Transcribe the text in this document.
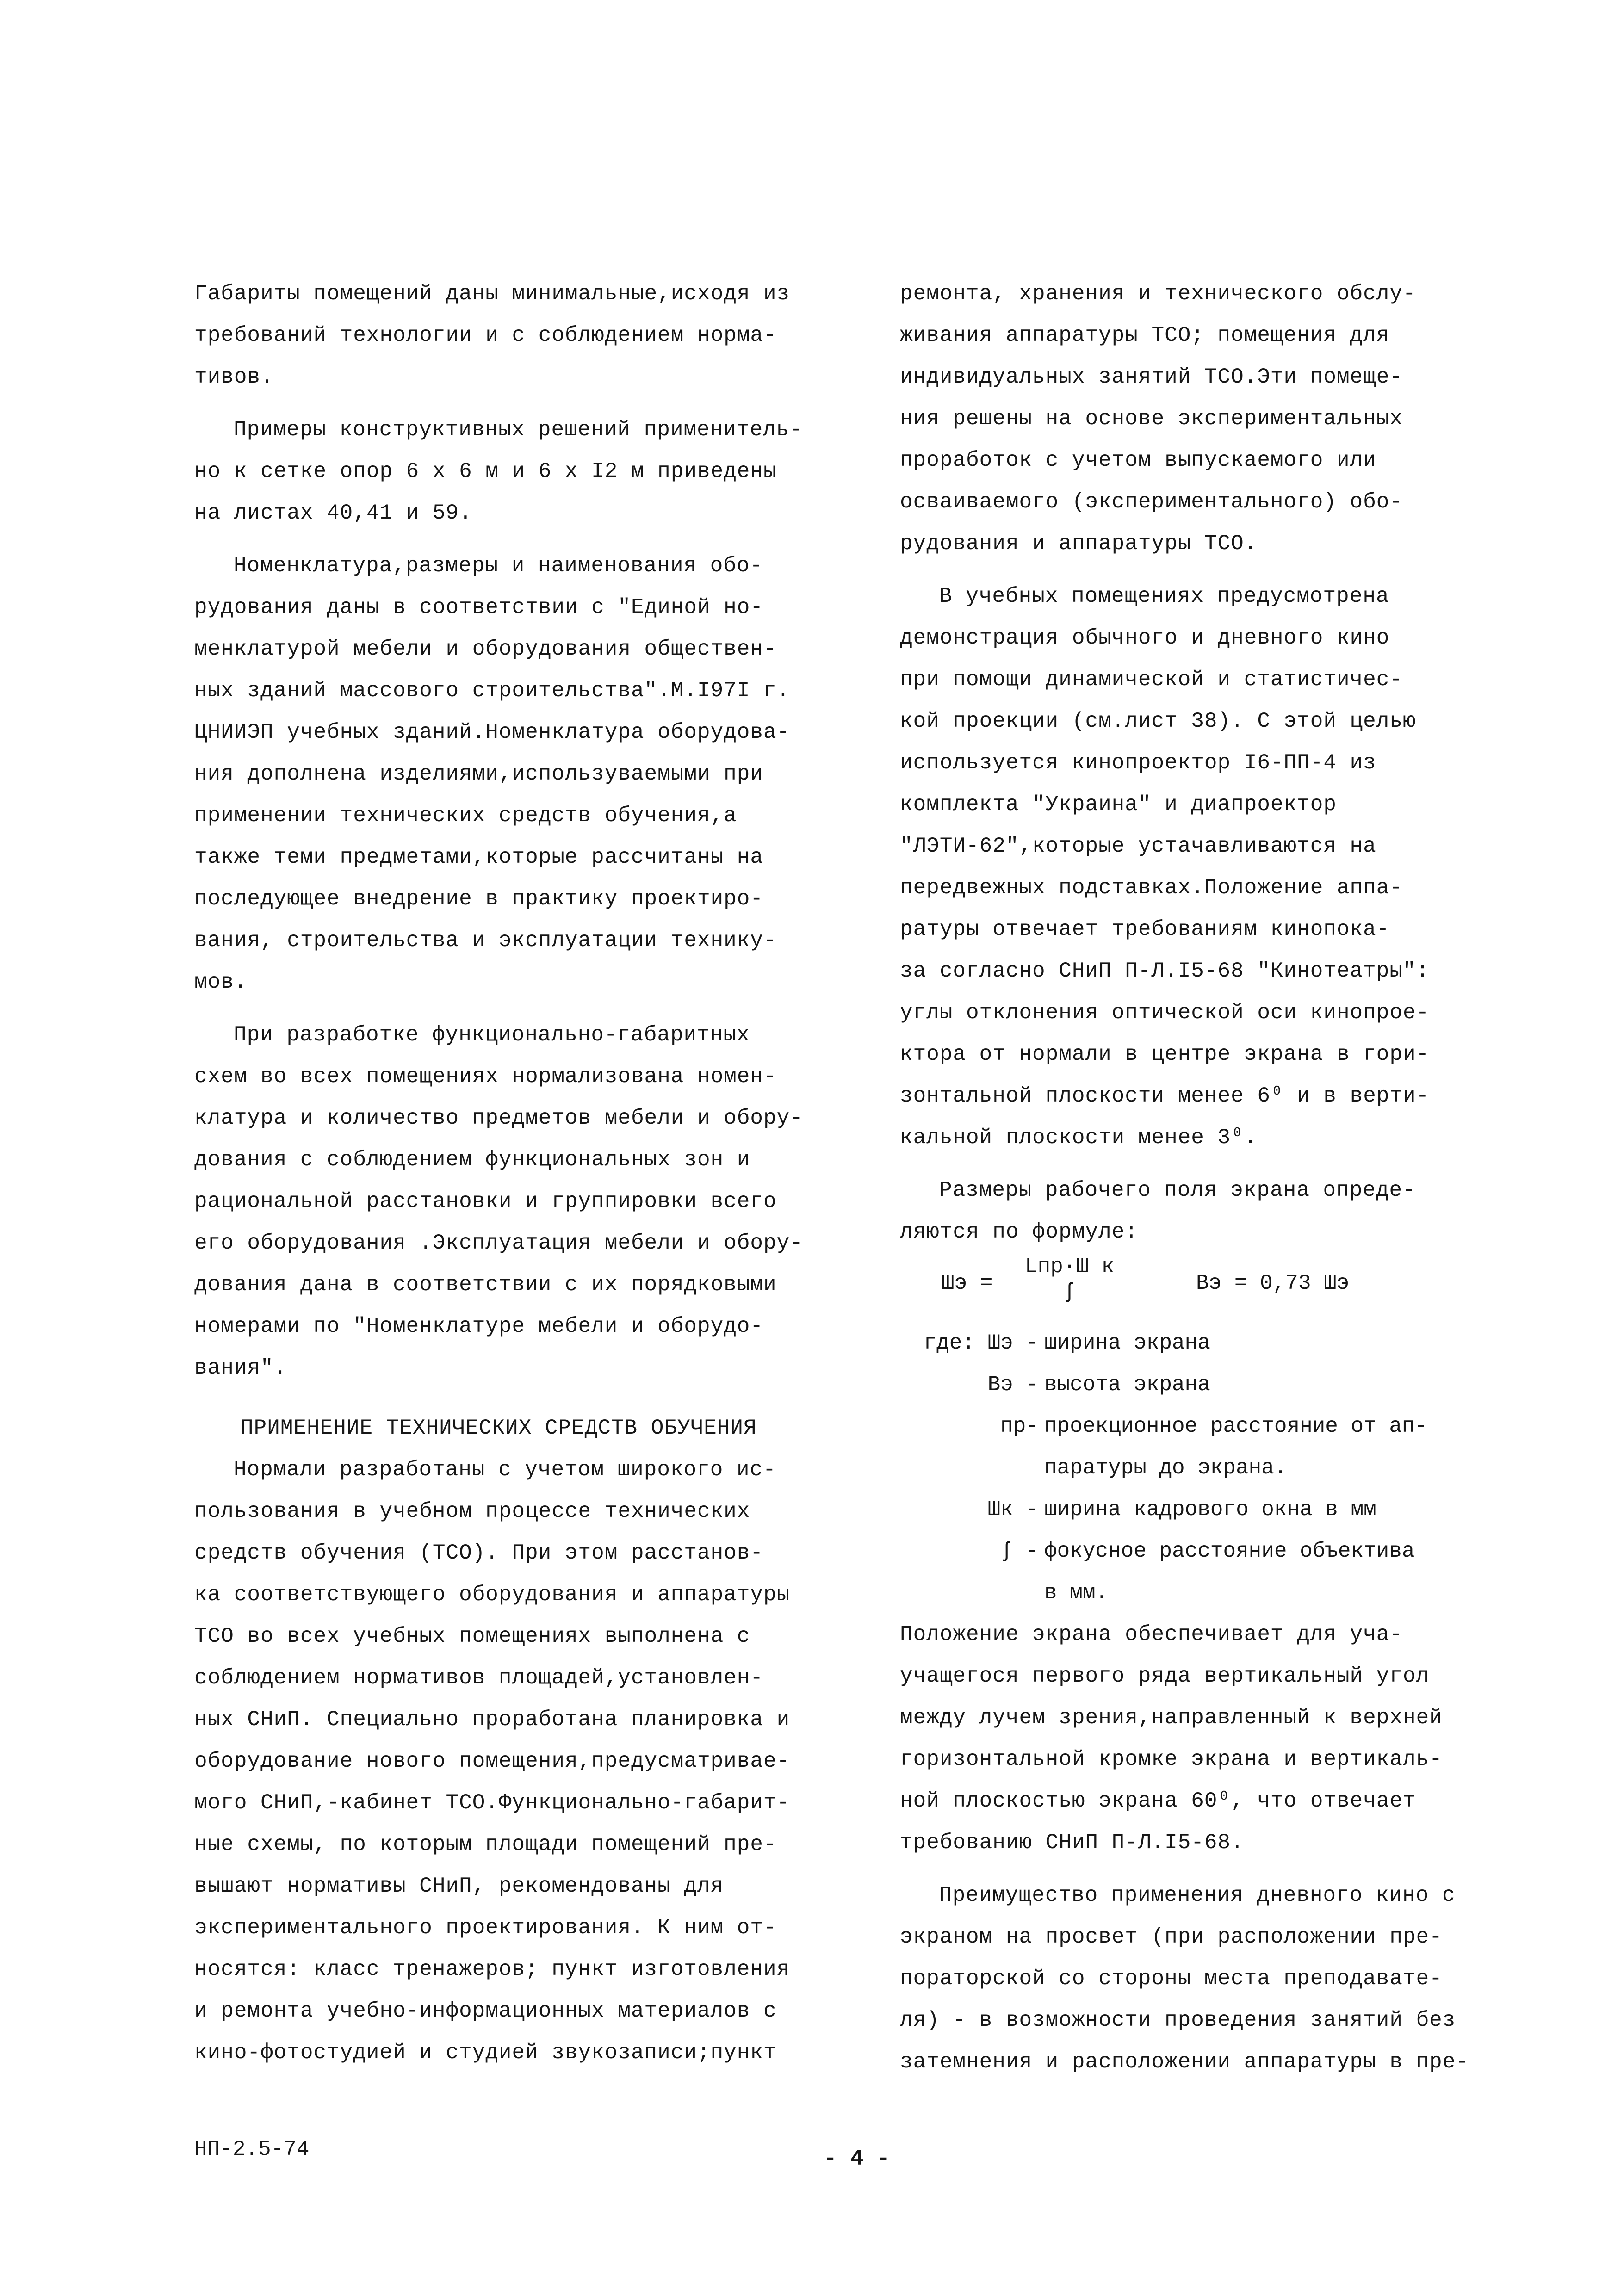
Габариты помещений даны минимальные,исходя из
требований технологии и с соблюдением норма-
тивов.

Примеры конструктивных решений применитель-
но к сетке опор 6 х 6 м и 6 х I2 м приведены
на листах 40,41 и 59.

Номенклатура,размеры и наименования обо-
рудования даны в соответствии с "Единой но-
менклатурой мебели и оборудования обществен-
ных зданий массового строительства".М.I97I г.
ЦНИИЭП учебных зданий.Номенклатура оборудова-
ния дополнена изделиями,используваемыми при
применении технических средств обучения,а
также теми предметами,которые рассчитаны на
последующее внедрение в практику проектиро-
вания, строительства и эксплуатации технику-
мов.

При разработке функционально-габаритных
схем во всех помещениях нормализована номен-
клатура и количество предметов мебели и обору-
дования с соблюдением функциональных зон и
рациональной расстановки и группировки всего
его оборудования .Эксплуатация мебели и обору-
дования дана в соответствии с их порядковыми
номерами по "Номенклатуре мебели и оборудо-
вания".

ПРИМЕНЕНИЕ ТЕХНИЧЕСКИХ СРЕДСТВ ОБУЧЕНИЯ

Нормали разработаны с учетом широкого ис-
пользования в учебном процессе технических
средств обучения (ТСО). При этом расстанов-
ка соответствующего оборудования и аппаратуры
ТСО во всех учебных помещениях выполнена с
соблюдением нормативов площадей,установлен-
ных СНиП. Специально проработана планировка и
оборудование нового помещения,предусматривае-
мого СНиП,-кабинет ТСО.Функционально-габарит-
ные схемы, по которым площади помещений пре-
вышают нормативы СНиП, рекомендованы для
экспериментального проектирования. К ним от-
носятся: класс тренажеров; пункт изготовления
и ремонта учебно-информационных материалов с
кино-фотостудией и студией звукозаписи;пункт

ремонта, хранения и технического обслу-
живания аппаратуры ТСО; помещения для
индивидуальных занятий ТСО.Эти помеще-
ния решены на основе экспериментальных
проработок с учетом выпускаемого или
осваиваемого (экспериментального) обо-
рудования и аппаратуры ТСО.

В учебных помещениях предусмотрена
демонстрация обычного и дневного кино
при помощи динамической и статистичес-
кой проекции (см.лист 38). С этой целью
используется кинопроектор I6-ПП-4 из
комплекта "Украина" и диапроектор
"ЛЭТИ-62",которые устачавливаются на
передвежных подставках.Положение аппа-
ратуры отвечает требованиям кинопока-
за согласно СНиП П-Л.I5-68 "Кинотеатры":
углы отклонения оптической оси кинопрое-
ктора от нормали в центре экрана в гори-
зонтальной плоскости менее 6⁰ и в верти-
кальной плоскости менее 3⁰.

Размеры рабочего поля экрана опреде-
ляются по формуле:

Шэ =
Lпр·Ш к
ʃ	Вэ = 0,73 Шэ
где: Шэ - ширина экрана
Вэ - высота экрана
пр- проекционное расстояние от ап-
паратуры до экрана.
Шк - ширина кадрового окна в мм
ʃ - фокусное расстояние объектива
в мм.

Положение экрана обеспечивает для уча-
учащегося первого ряда вертикальный угол
между лучем зрения,направленный к верхней
горизонтальной кромке экрана и вертикаль-
ной плоскостью экрана 60⁰, что отвечает
требованию СНиП П-Л.I5-68.

Преимущество применения дневного кино с
экраном на просвет (при расположении пре-
пораторской со стороны места преподавате-
ля) - в возможности проведения занятий без
затемнения и расположении аппаратуры в пре-

НП-2.5-74	- 4 -
